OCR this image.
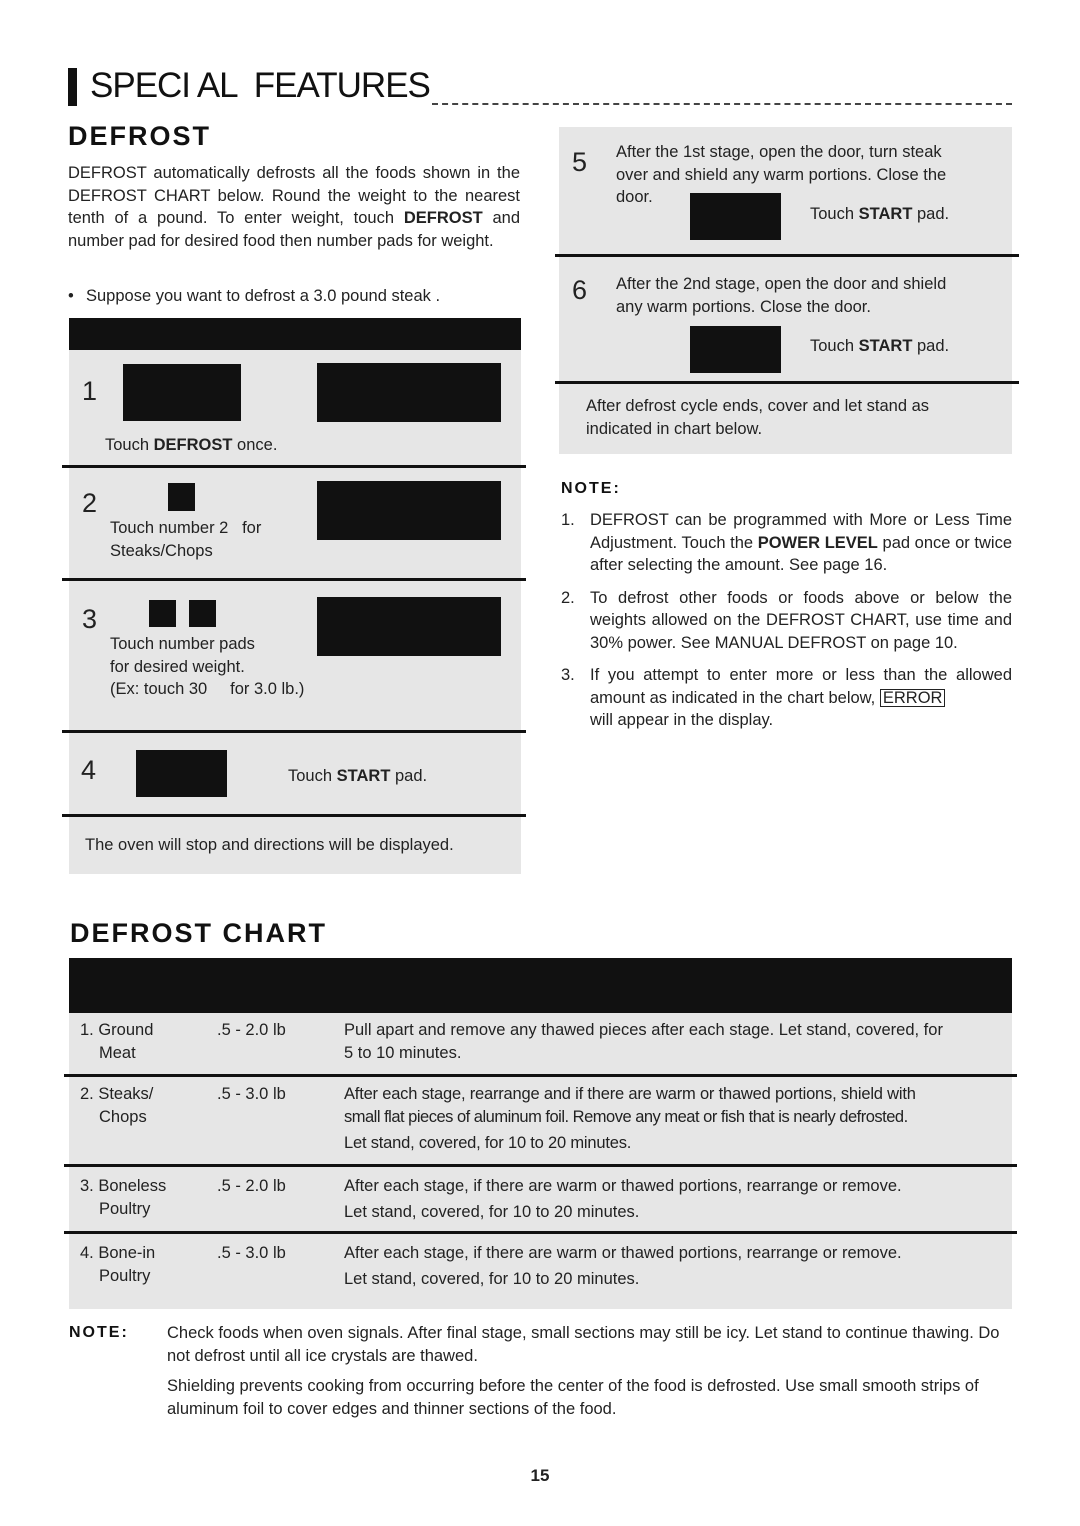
SPECI AL  FEATURES
DEFROST
DEFROST automatically defrosts all the foods shown in the DEFROST CHART below. Round the weight to the nearest tenth of a pound. To enter weight, touch DEFROST and number pad for desired food then number pads for weight.
• Suppose you want to defrost a 3.0 pound steak .
1
Touch DEFROST once.
2
Touch number 2   for
Steaks/Chops
3
Touch number pads
for desired weight.
(Ex: touch 30     for 3.0 lb.)
4	Touch START pad.
The oven will stop and directions will be displayed.
5 After the 1st stage, open the door, turn steak
over and shield any warm portions. Close the
door.
Touch START pad.
6 After the 2nd stage, open the door and shield
any warm portions. Close the door.
Touch START pad.
After defrost cycle ends, cover and let stand as indicated in chart below.
NOTE:
1. DEFROST can be programmed with More or Less Time Adjustment. Touch the POWER LEVEL pad once or twice after selecting the amount. See page 16.
2. To defrost other foods or foods above or below the weights allowed on the DEFROST CHART, use time and 30% power. See MANUAL DEFROST on page 10.
3. If you attempt to enter more or less than the allowed amount as indicated in the chart below, ERROR
will appear in the display.
DEFROST CHART
1. Ground
Meat
.5 - 2.0 lb	Pull apart and remove any thawed pieces after each stage. Let stand, covered, for
5 to 10 minutes.
2. Steaks/
Chops
.5 - 3.0 lb	After each stage, rearrange and if there are warm or thawed portions, shield with
small flat pieces of aluminum foil. Remove any meat or fish that is nearly defrosted.
Let stand, covered, for 10 to 20 minutes.
3. Boneless
Poultry
.5 - 2.0 lb	After each stage, if there are warm or thawed portions, rearrange or remove.
Let stand, covered, for 10 to 20 minutes.
4. Bone-in
Poultry
.5 - 3.0 lb	After each stage, if there are warm or thawed portions, rearrange or remove.
Let stand, covered, for 10 to 20 minutes.
NOTE: Check foods when oven signals. After final stage, small sections may still be icy. Let stand to continue thawing. Do not defrost until all ice crystals are thawed.
Shielding prevents cooking from occurring before the center of the food is defrosted. Use small smooth strips of aluminum foil to cover edges and thinner sections of the food.
15
